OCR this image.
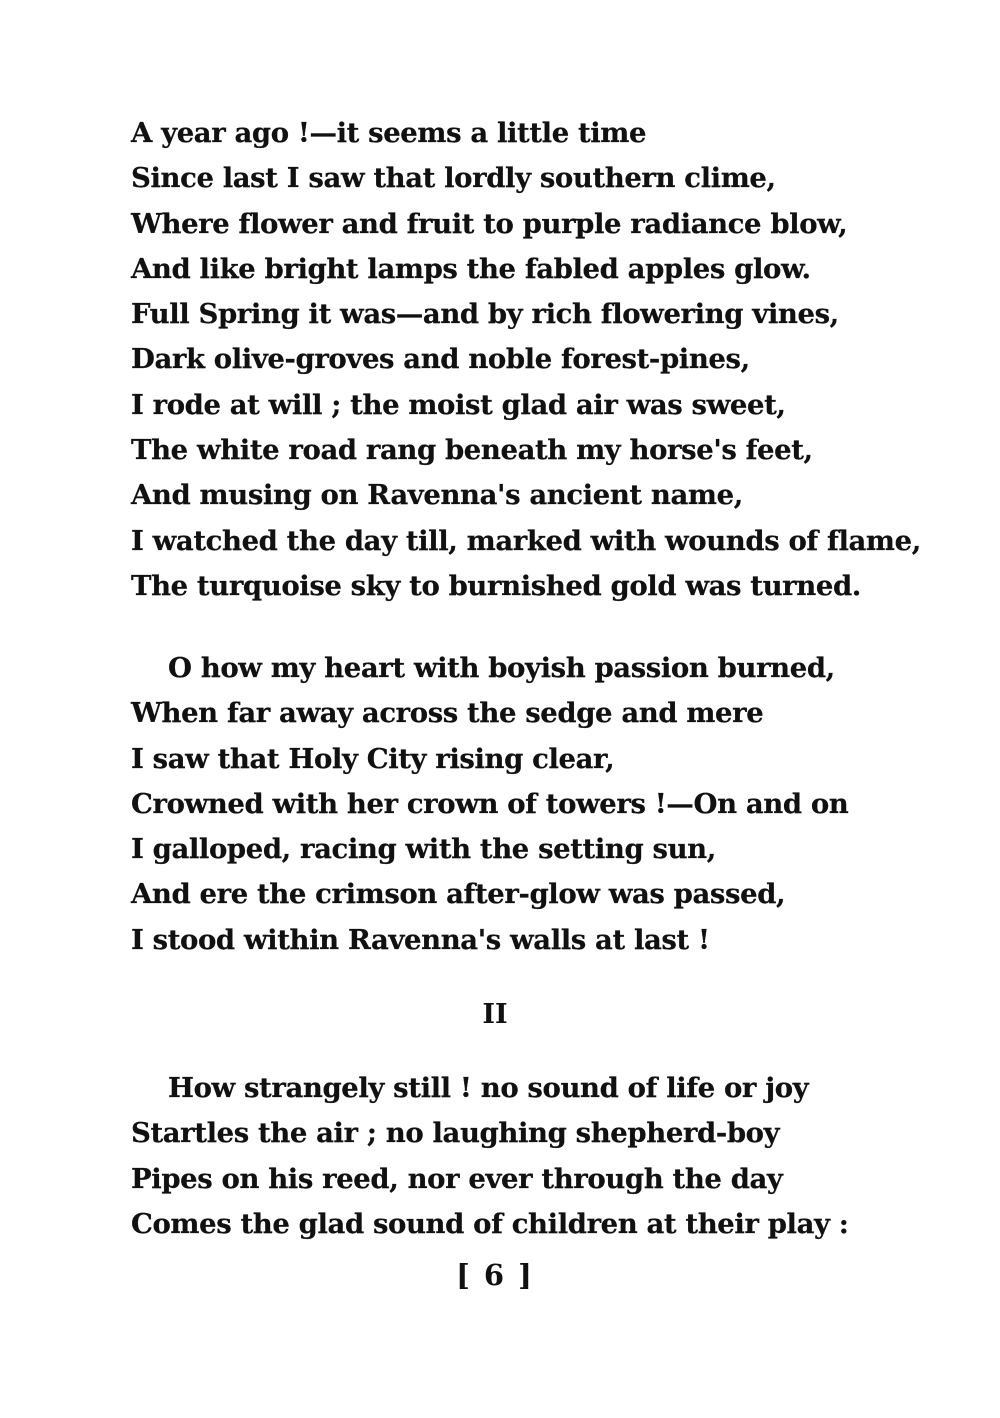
A year ago !—it seems a little time
Since last I saw that lordly southern clime,
Where flower and fruit to purple radiance blow,
And like bright lamps the fabled apples glow.
Full Spring it was—and by rich flowering vines,
Dark olive-groves and noble forest-pines,
I rode at will ; the moist glad air was sweet,
The white road rang beneath my horse's feet,
And musing on Ravenna's ancient name,
I watched the day till, marked with wounds of flame,
The turquoise sky to burnished gold was turned.
O how my heart with boyish passion burned,
When far away across the sedge and mere
I saw that Holy City rising clear,
Crowned with her crown of towers !—On and on
I galloped, racing with the setting sun,
And ere the crimson after-glow was passed,
I stood within Ravenna's walls at last !
II
How strangely still ! no sound of life or joy
Startles the air ; no laughing shepherd-boy
Pipes on his reed, nor ever through the day
Comes the glad sound of children at their play :
[ 6 ]
